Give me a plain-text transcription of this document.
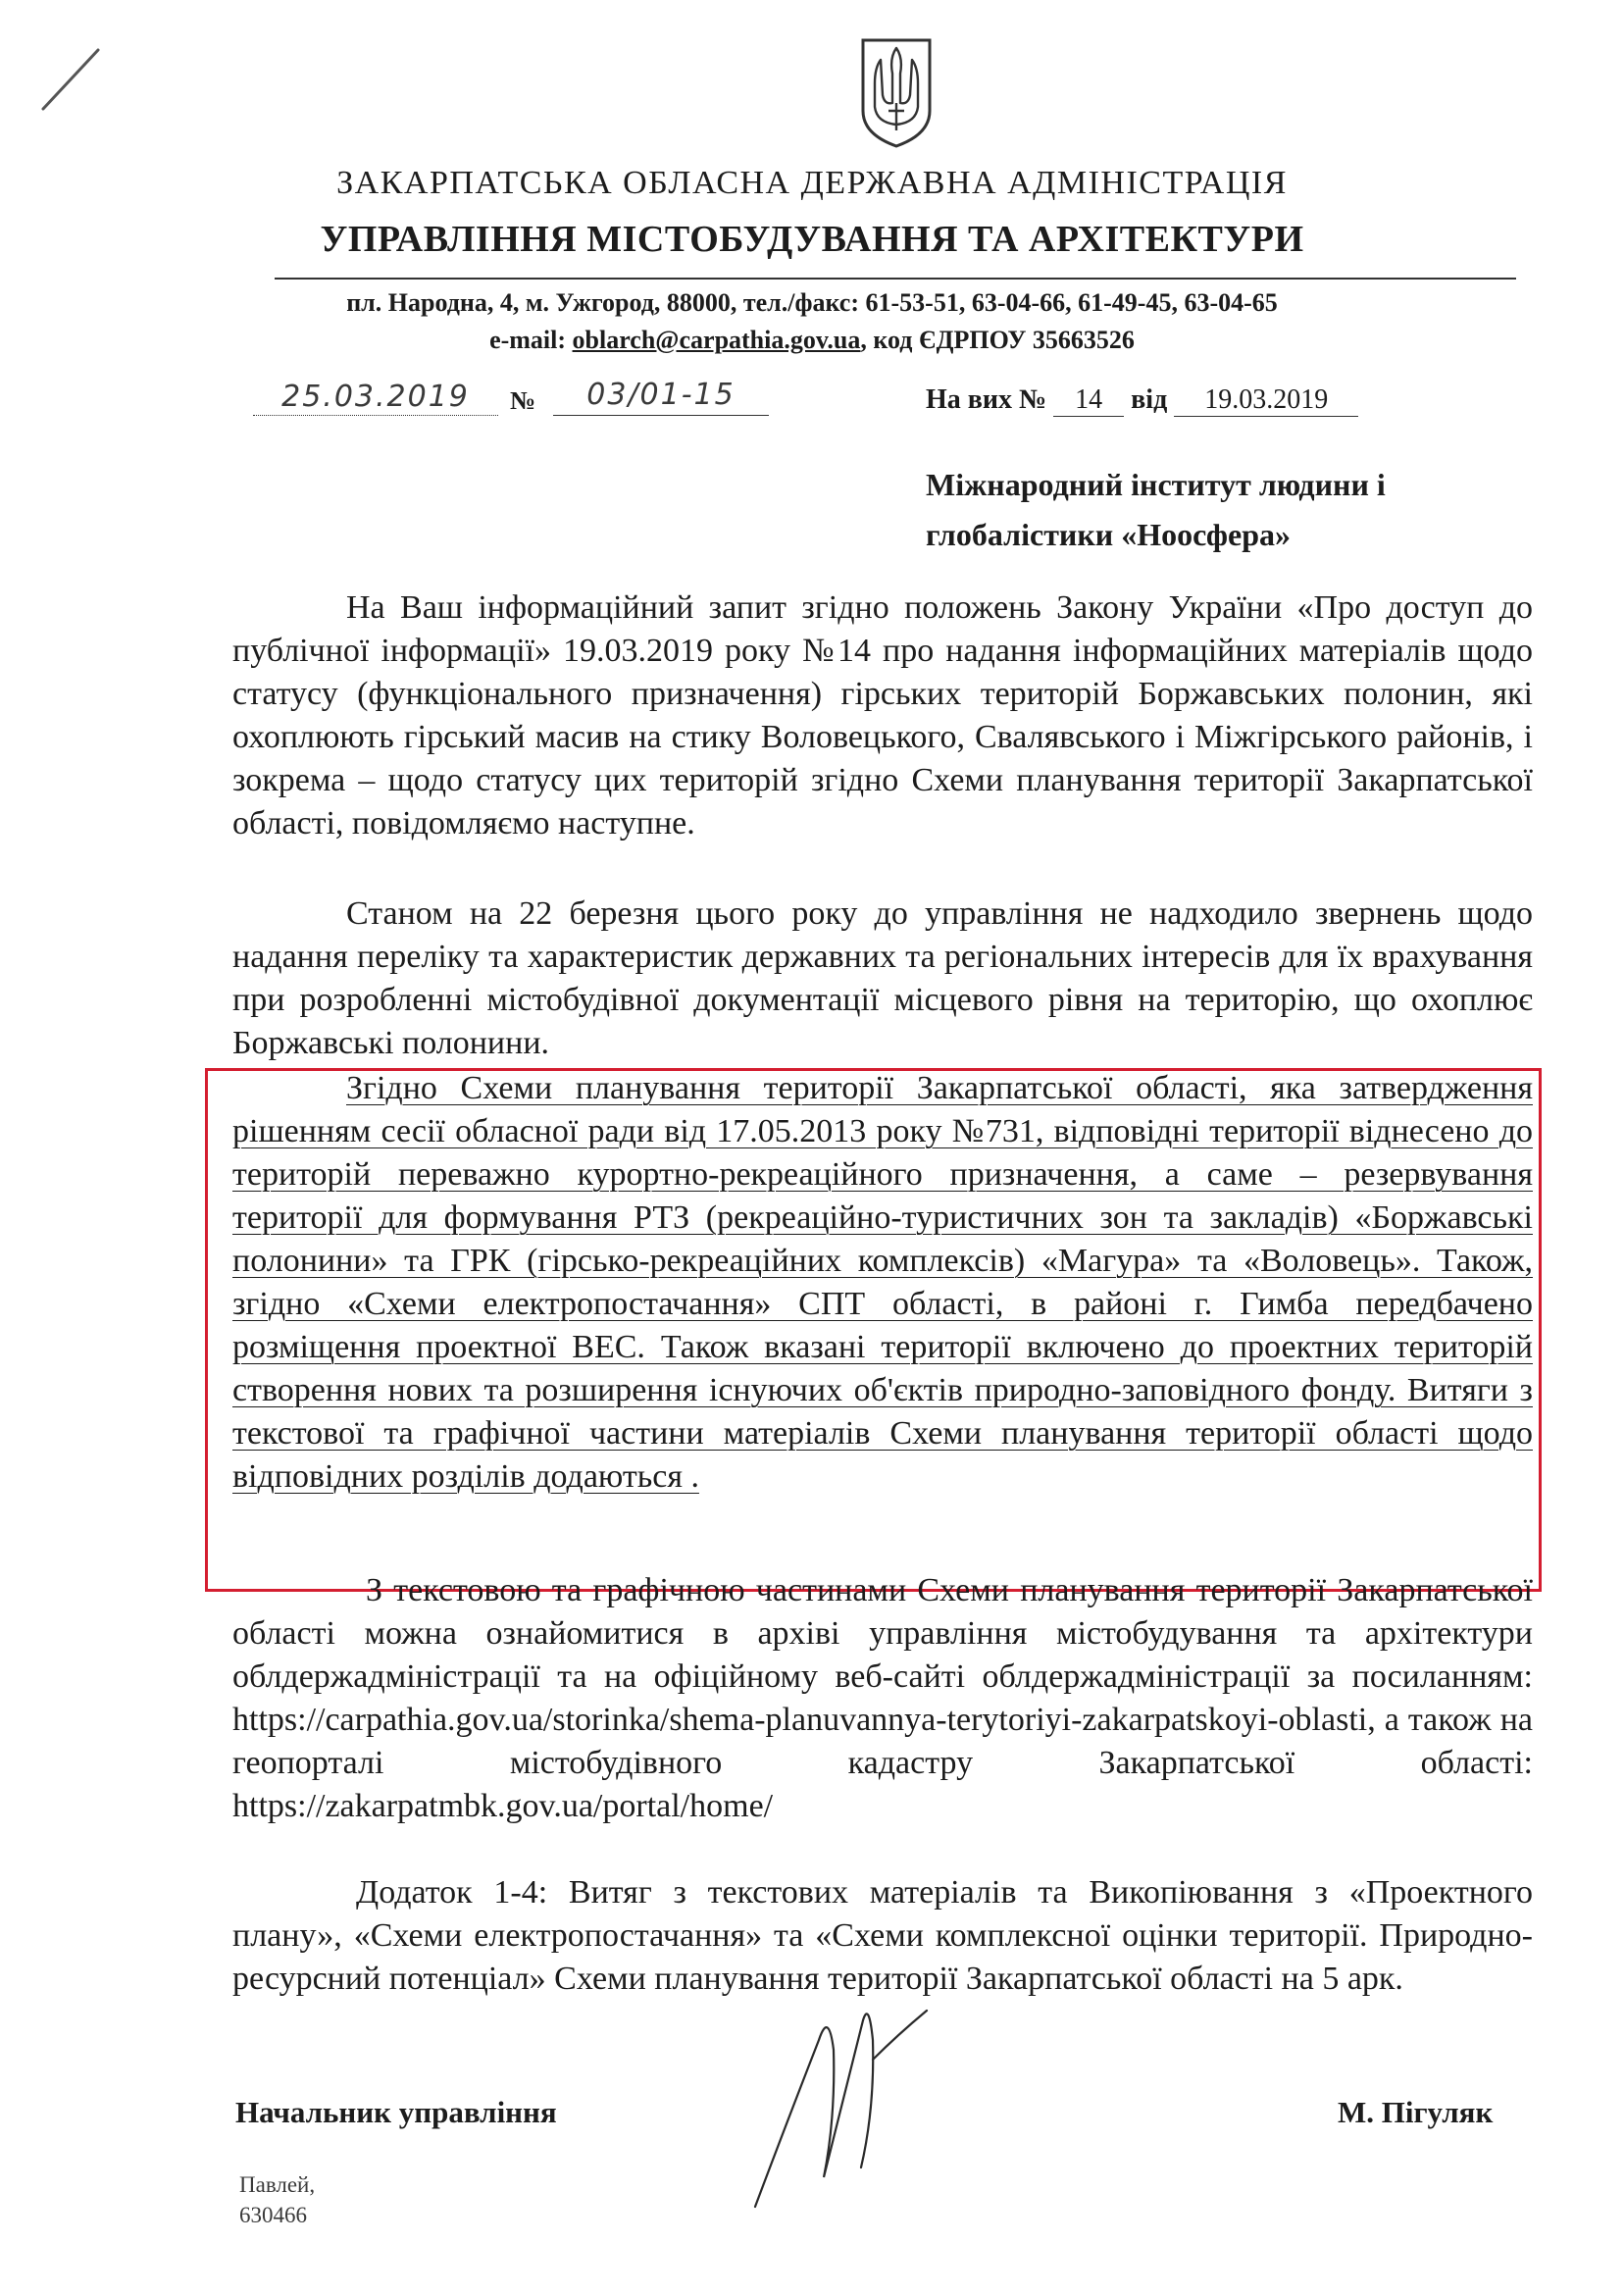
ЗАКАРПАТСЬКА ОБЛАСНА ДЕРЖАВНА АДМІНІСТРАЦІЯ
УПРАВЛІННЯ МІСТОБУДУВАННЯ ТА АРХІТЕКТУРИ
пл. Народна, 4, м. Ужгород, 88000, тел./факс: 61-53-51, 63-04-66, 61-49-45, 63-04-65
e-mail: oblarch@carpathia.gov.ua, код ЄДРПОУ 35663526
25.03.2019	№	03/01-15	На вих № 14 від 19.03.2019
Міжнародний інститут людини і
глобалістики «Ноосфера»
На Ваш інформаційний запит згідно положень Закону України «Про доступ до публічної інформації» 19.03.2019 року №14 про надання інформаційних матеріалів щодо статусу (функціонального призначення) гірських територій Боржавських полонин, які охоплюють гірський масив на стику Воловецького, Свалявського і Міжгірського районів, і зокрема – щодо статусу цих територій згідно Схеми планування території Закарпатської області, повідомляємо наступне.
Станом на 22 березня цього року до управління не надходило звернень щодо надання переліку та характеристик державних та регіональних інтересів для їх врахування при розробленні містобудівної документації місцевого рівня на територію, що охоплює Боржавські полонини.
Згідно Схеми планування території Закарпатської області, яка затвердження рішенням сесії обласної ради від 17.05.2013 року №731, відповідні території віднесено до територій переважно курортно-рекреаційного призначення, а саме – резервування території для формування РТЗ (рекреаційно-туристичних зон та закладів) «Боржавські полонини» та ГРК (гірсько-рекреаційних комплексів) «Магура» та «Воловець». Також, згідно «Схеми електропостачання» СПТ області, в районі г. Гимба передбачено розміщення проектної ВЕС. Також вказані території включено до проектних територій створення нових та розширення існуючих об'єктів природно-заповідного фонду. Витяги з текстової та графічної частини матеріалів Схеми планування території області щодо відповідних розділів додаються .
З текстовою та графічною частинами Схеми планування території Закарпатської області можна ознайомитися в архіві управління містобудування та архітектури облдержадміністрації та на офіційному веб-сайті облдержадміністрації за посиланням: https://carpathia.gov.ua/storinka/shema-planuvannya-terytoriyi-zakarpatskoyi-oblasti, а також на геопорталі містобудівного кадастру Закарпатської області: https://zakarpatmbk.gov.ua/portal/home/
Додаток 1-4: Витяг з текстових матеріалів та Викопіювання з «Проектного плану», «Схеми електропостачання» та «Схеми комплексної оцінки території. Природно-ресурсний потенціал» Схеми планування території Закарпатської області на 5 арк.
Начальник управління	М. Пігуляк
Павлей,
630466
